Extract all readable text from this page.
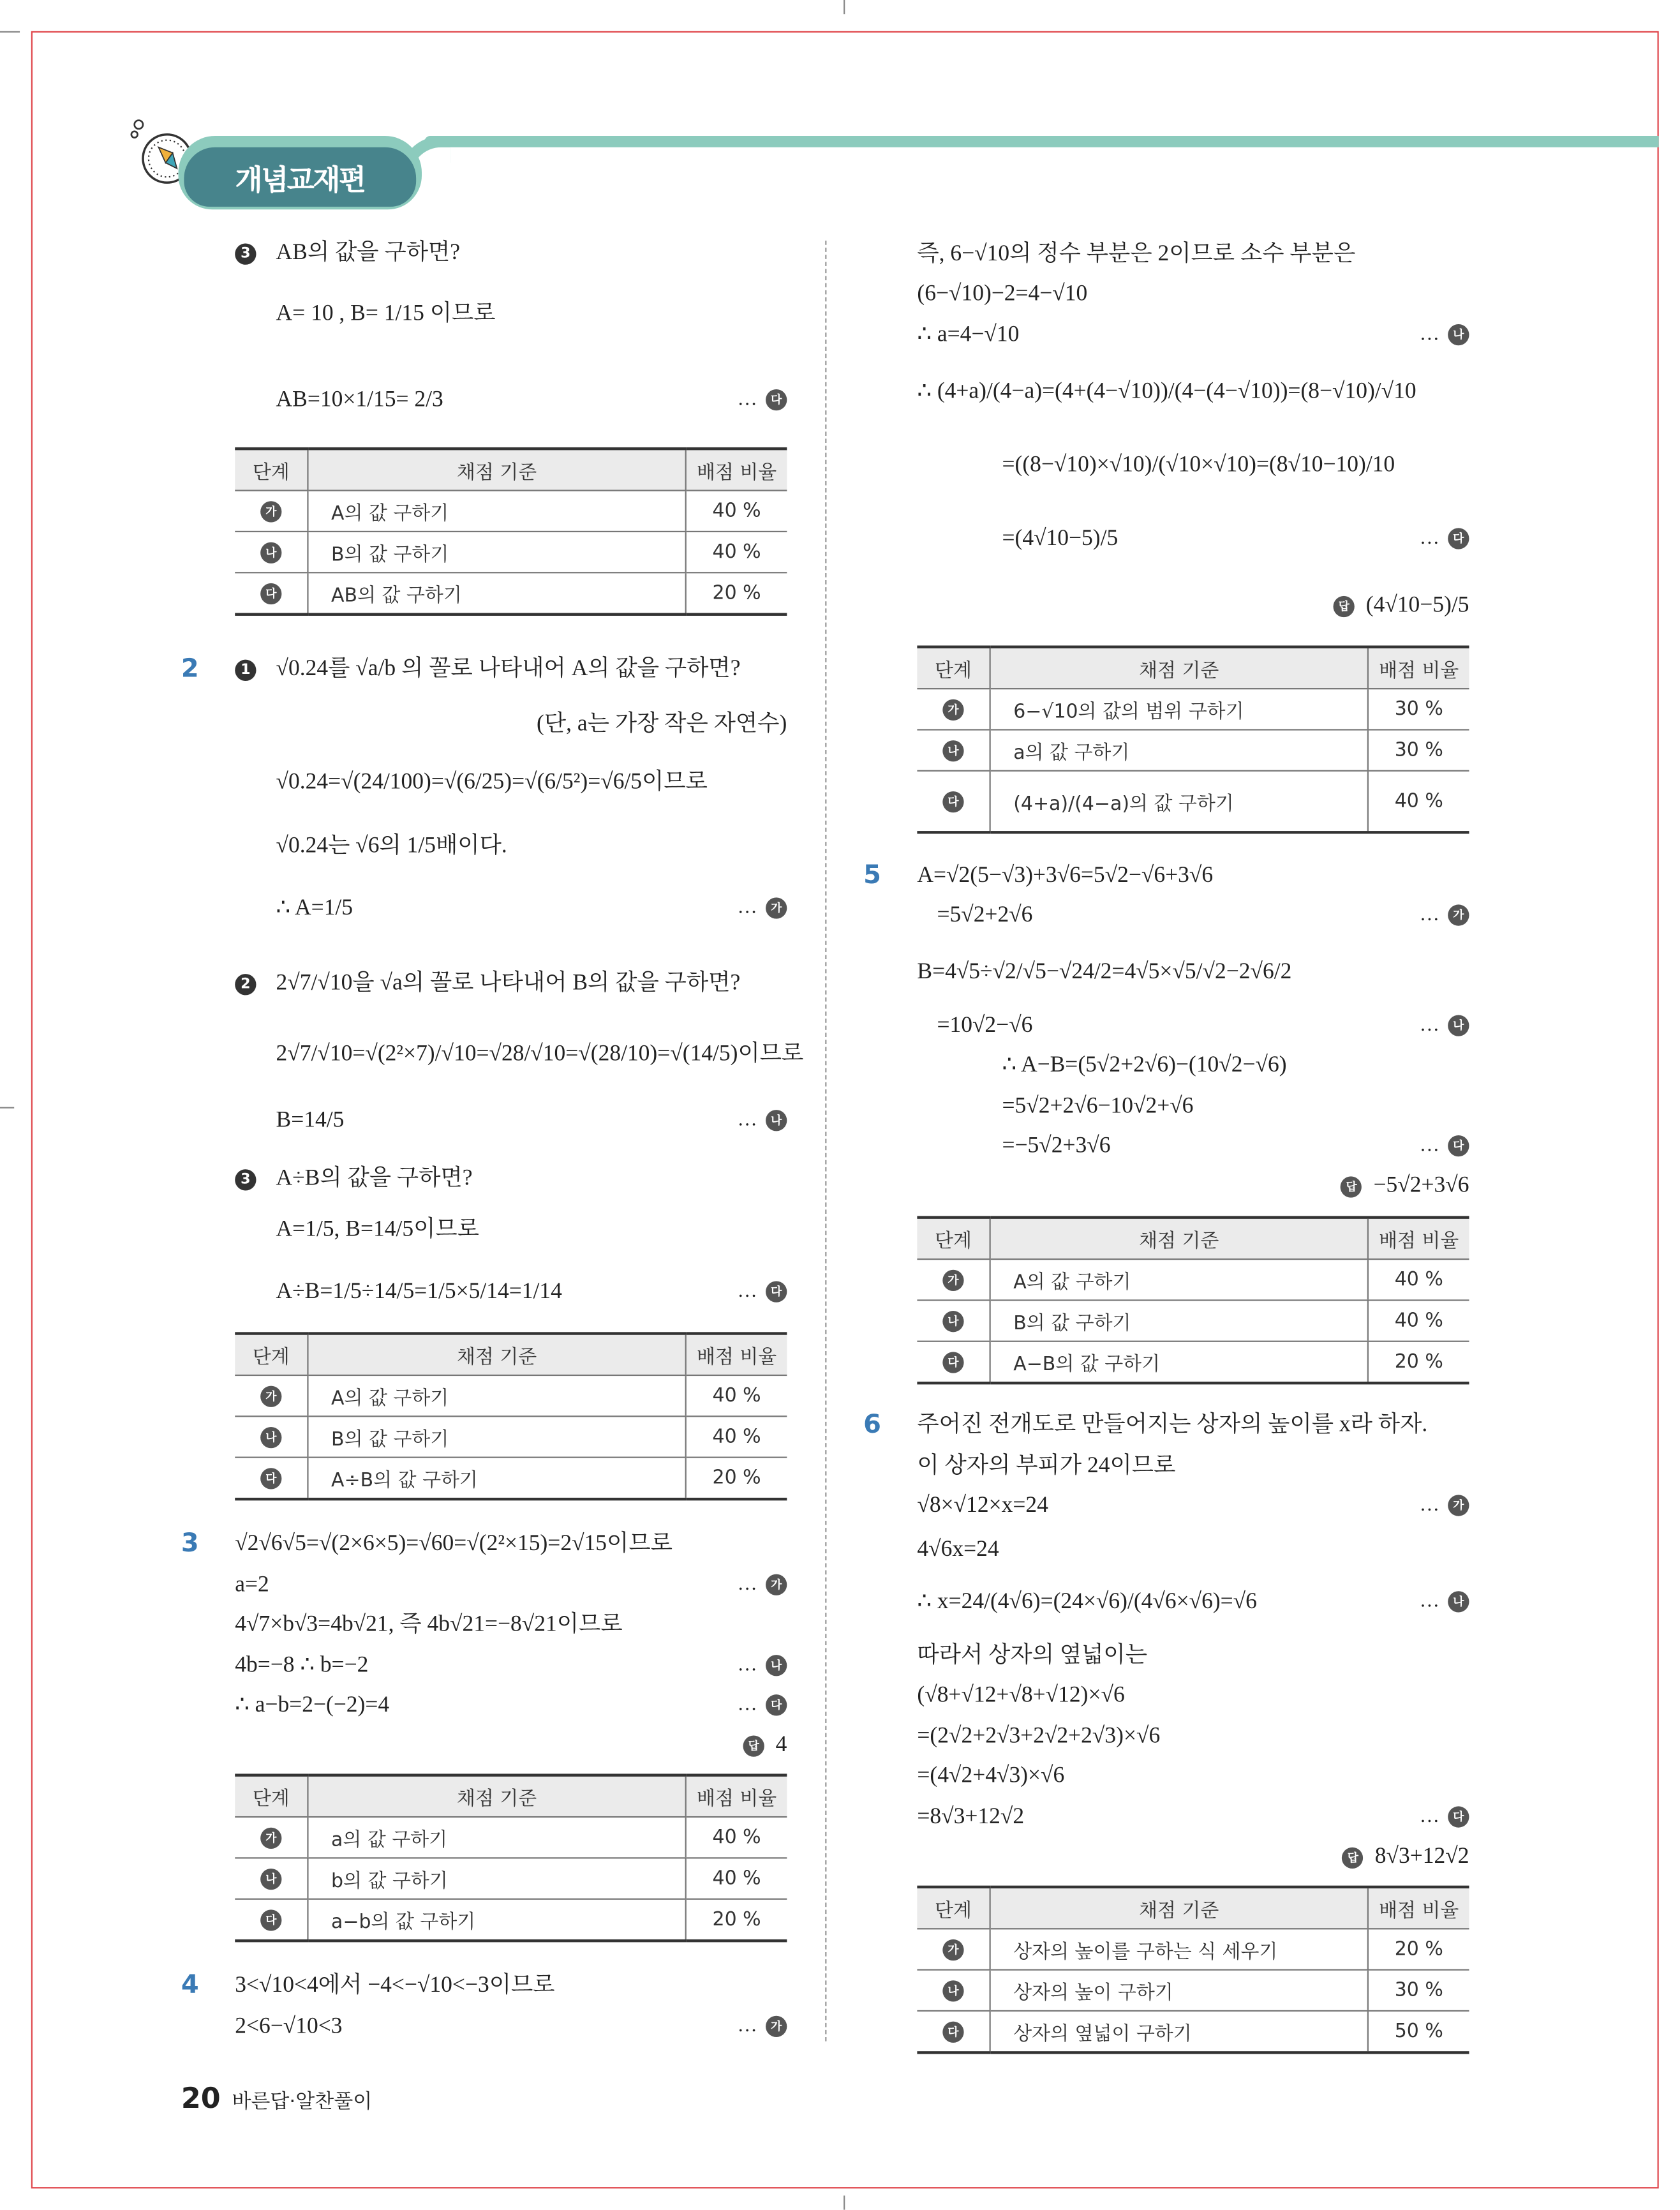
개념교재편
20 바른답·알찬풀이
3	AB의 값을 구하면?
A= 10 , B= 1/15 이므로
AB=10×1/15= 2/3	…	다
2	1	√0.24를 √a/b 의 꼴로 나타내어 A의 값을 구하면?
(단, a는 가장 작은 자연수)
√0.24=√(24/100)=√(6/25)=√(6/5²)=√6/5이므로
√0.24는 √6의 1/5배이다.
∴ A=1/5	…	가
2	2√7/√10을 √a의 꼴로 나타내어 B의 값을 구하면?
2√7/√10=√(2²×7)/√10=√28/√10=√(28/10)=√(14/5)이므로
B=14/5	…	나
3	A÷B의 값을 구하면?
A=1/5, B=14/5이므로
A÷B=1/5÷14/5=1/5×5/14=1/14	…	다
3	√2√6√5=√(2×6×5)=√60=√(2²×15)=2√15이므로
a=2	…	가
4√7×b√3=4b√21, 즉 4b√21=−8√21이므로
4b=−8 ∴ b=−2	…	나
∴ a−b=2−(−2)=4	…	다
4	3<√10<4에서 −4<−√10<−3이므로
2<6−√10<3	…	가
답 4
즉, 6−√10의 정수 부분은 2이므로 소수 부분은
(6−√10)−2=4−√10
∴ a=4−√10	…	나
∴ (4+a)/(4−a)=(4+(4−√10))/(4−(4−√10))=(8−√10)/√10
=((8−√10)×√10)/(√10×√10)=(8√10−10)/10
=(4√10−5)/5	…	다
5	A=√2(5−√3)+3√6=5√2−√6+3√6
=5√2+2√6	…	가
B=4√5÷√2/√5−√24/2=4√5×√5/√2−2√6/2
=10√2−√6	…	나
∴ A−B=(5√2+2√6)−(10√2−√6)
=5√2+2√6−10√2+√6
=−5√2+3√6	…	다
6	주어진 전개도로 만들어지는 상자의 높이를 x라 하자.
이 상자의 부피가 24이므로
√8×√12×x=24	…	가
4√6x=24
∴ x=24/(4√6)=(24×√6)/(4√6×√6)=√6	…	나
따라서 상자의 옆넓이는
(√8+√12+√8+√12)×√6
=(2√2+2√3+2√2+2√3)×√6
=(4√2+4√3)×√6
=8√3+12√2	…	다
답 (4√10−5)/5
답 −5√2+3√6
답 8√3+12√2
단계	채점 기준	배점 비율
가	A의 값 구하기	40 %
나	B의 값 구하기	40 %
다	AB의 값 구하기	20 %
단계	채점 기준	배점 비율
가	A의 값 구하기	40 %
나	B의 값 구하기	40 %
다	A÷B의 값 구하기	20 %
단계	채점 기준	배점 비율
가	a의 값 구하기	40 %
나	b의 값 구하기	40 %
다	a−b의 값 구하기	20 %
단계	채점 기준	배점 비율
가	6−√10의 값의 범위 구하기	30 %
나	a의 값 구하기	30 %
다	(4+a)/(4−a)의 값 구하기	40 %
단계	채점 기준	배점 비율
가	A의 값 구하기	40 %
나	B의 값 구하기	40 %
다	A−B의 값 구하기	20 %
단계	채점 기준	배점 비율
가	상자의 높이를 구하는 식 세우기	20 %
나	상자의 높이 구하기	30 %
다	상자의 옆넓이 구하기	50 %
